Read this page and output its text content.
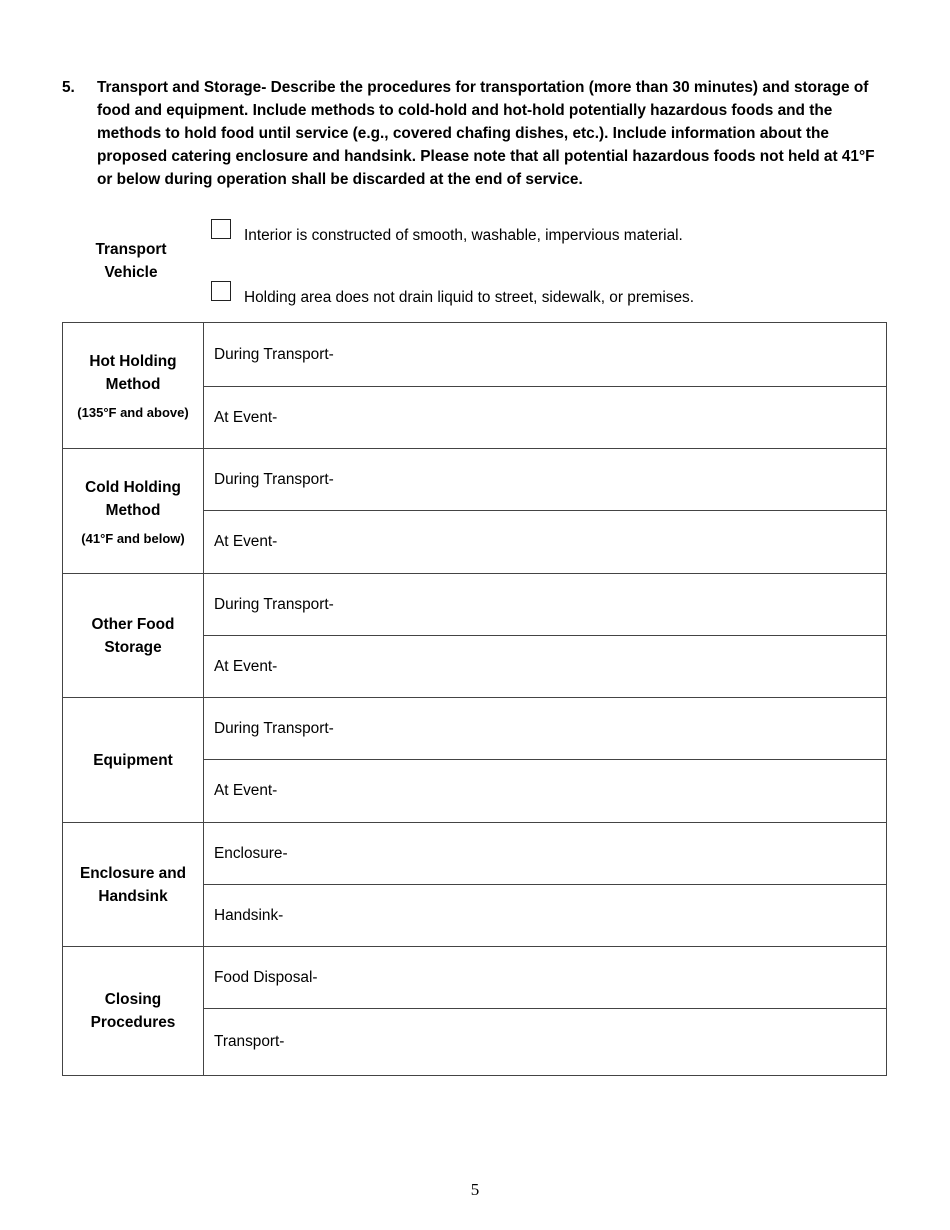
5. Transport and Storage- Describe the procedures for transportation (more than 30 minutes) and storage of food and equipment. Include methods to cold-hold and hot-hold potentially hazardous foods and the methods to hold food until service (e.g., covered chafing dishes, etc.). Include information about the proposed catering enclosure and handsink. Please note that all potential hazardous foods not held at 41°F or below during operation shall be discarded at the end of service.
Transport
Vehicle
Interior is constructed of smooth, washable, impervious material.
Holding area does not drain liquid to street, sidewalk, or premises.
Hot Holding
Method
(135°F and above)
During Transport-
At Event-
Cold Holding
Method
(41°F and below)
During Transport-
At Event-
Other Food
Storage
During Transport-
At Event-
Equipment
During Transport-
At Event-
Enclosure and
Handsink
Enclosure-
Handsink-
Closing
Procedures
Food Disposal-
Transport-
5
